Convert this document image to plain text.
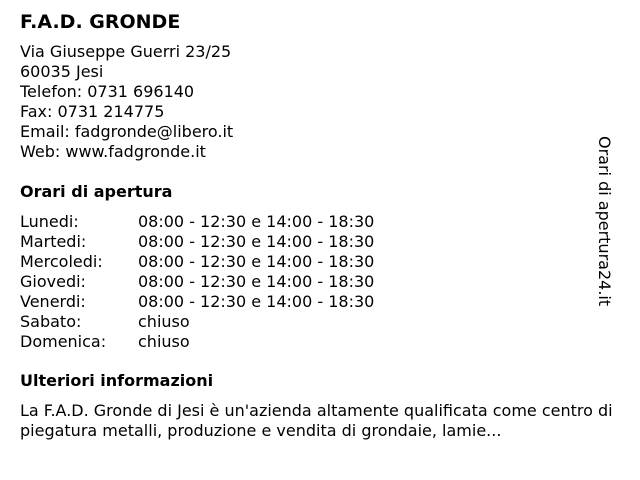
F.A.D. GRONDE
Via Giuseppe Guerri 23/25
60035 Jesi
Telefon: 0731 696140
Fax: 0731 214775
Email: fadgronde@libero.it
Web: www.fadgronde.it
Orari di apertura
Lunedi:	08:00 - 12:30 e 14:00 - 18:30
Martedi:	08:00 - 12:30 e 14:00 - 18:30
Mercoledi:	08:00 - 12:30 e 14:00 - 18:30
Giovedi:	08:00 - 12:30 e 14:00 - 18:30
Venerdi:	08:00 - 12:30 e 14:00 - 18:30
Sabato:	chiuso
Domenica:	chiuso
Ulteriori informazioni
La F.A.D. Gronde di Jesi è un'azienda altamente qualificata come centro di piegatura metalli, produzione e vendita di grondaie, lamie...
Orari di apertura24.it
